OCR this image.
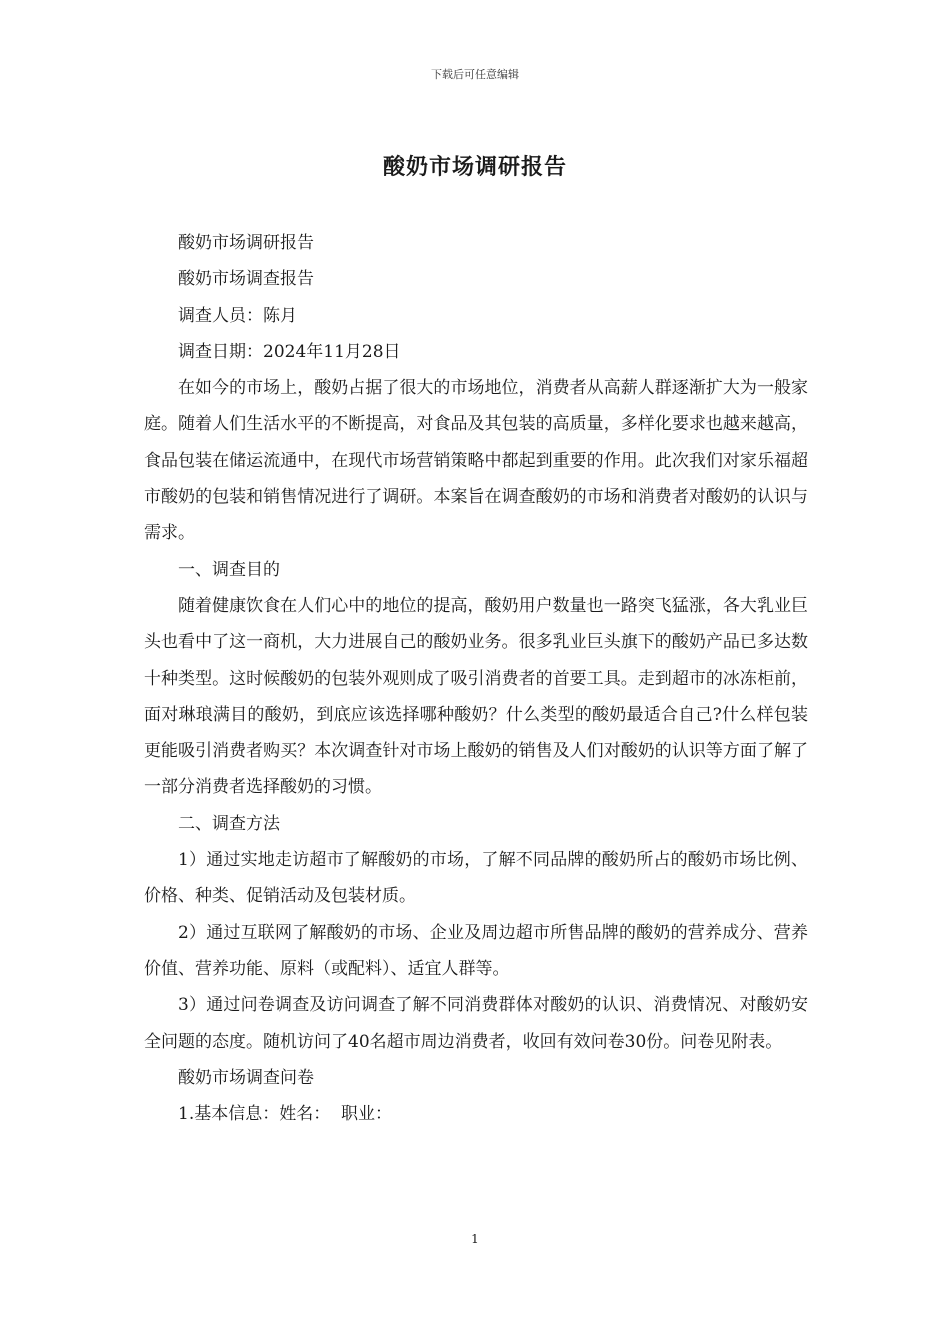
下载后可任意编辑
酸奶市场调研报告

酸奶市场调研报告

酸奶市场调查报告

调查人员：陈月

调查日期：2024年11月28日

在如今的市场上，酸奶占据了很大的市场地位，消费者从高薪人群逐渐扩大为一般家庭。随着人们生活水平的不断提高，对食品及其包装的高质量，多样化要求也越来越高，食品包装在储运流通中，在现代市场营销策略中都起到重要的作用。此次我们对家乐福超市酸奶的包装和销售情况进行了调研。本案旨在调查酸奶的市场和消费者对酸奶的认识与需求。

一、调查目的

随着健康饮食在人们心中的地位的提高，酸奶用户数量也一路突飞猛涨，各大乳业巨头也看中了这一商机，大力进展自己的酸奶业务。很多乳业巨头旗下的酸奶产品已多达数十种类型。这时候酸奶的包装外观则成了吸引消费者的首要工具。走到超市的冰冻柜前，面对琳琅满目的酸奶，到底应该选择哪种酸奶？什么类型的酸奶最适合自己?什么样包装更能吸引消费者购买？本次调查针对市场上酸奶的销售及人们对酸奶的认识等方面了解了一部分消费者选择酸奶的习惯。

二、调查方法

1）通过实地走访超市了解酸奶的市场，了解不同品牌的酸奶所占的酸奶市场比例、价格、种类、促销活动及包装材质。

2）通过互联网了解酸奶的市场、企业及周边超市所售品牌的酸奶的营养成分、营养价值、营养功能、原料（或配料）、适宜人群等。

3）通过问卷调查及访问调查了解不同消费群体对酸奶的认识、消费情况、对酸奶安全问题的态度。随机访问了40名超市周边消费者，收回有效问卷30份。问卷见附表。

酸奶市场调查问卷

1.基本信息：姓名：  职业：

1
